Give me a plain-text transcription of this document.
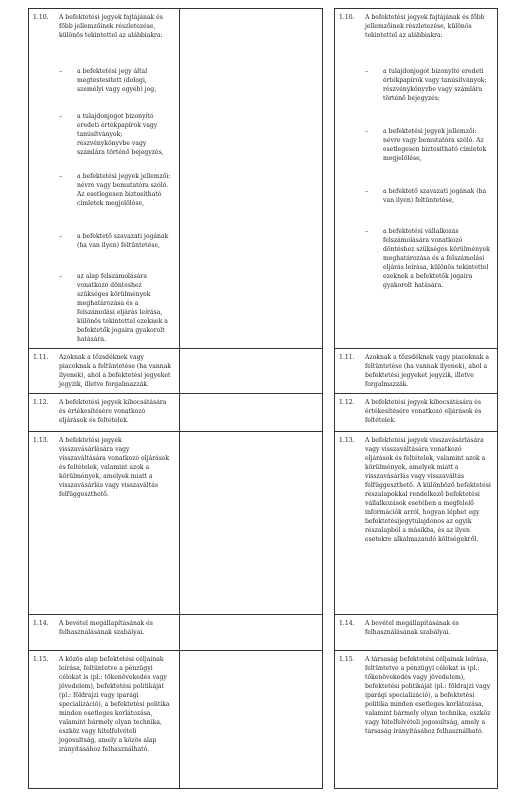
1.10. A befektetési jegyek fajtájának és főbb jellemzőinek részletezése, különös tekintettel az alábbiakra:
– a befektetési jegy által megtestesített (dologi, személyi vagy egyéb) jog,
– a tulajdonjogot bizonyító eredeti értékpapírok vagy tanúsítványok; részvénykönyvbe vagy számlára történő bejegyzés,
– a befektetési jegyek jellemzői: névre vagy bemutatóra szóló. Az esetlegesen biztosítható címletek megjelölése,
– a befektető szavazati jogának (ha van ilyen) feltüntetése,
– az alap felszámolására vonatkozó döntéshez szükséges körülmények meghatározása és a felszámolási eljárás leírása, különös tekintettel ezeknek a befektetők jogaira gyakorolt hatására.
1.11. Azoknak a tőzsdéknek vagy piacoknak a feltüntetése (ha vannak ilyenek), ahol a befektetési jegyeket jegyzik, illetve forgalmazzák.
1.12. A befektetési jegyek kibocsátására és értékesítésére vonatkozó eljárások és feltételek.
1.13. A befektetési jegyek visszavásárlására vagy visszaváltására vonatkozó eljárások és feltételek, valamint azok a körülmények, amelyek miatt a visszavásárlás vagy visszaváltás felfüggeszthető.
1.14. A bevétel megállapításának és felhasználásának szabályai.
1.15. A közös alap befektetési céljainak leírása, feltüntetve a pénzügyi célokat is (pl.: tőkenövekedés vagy jövedelem), befektetési politikáját (pl.: földrajzi vagy iparági specializáció), a befektetési politika minden esetleges korlátozása, valamint bármely olyan technika, eszköz vagy hitelfelvételi jogosultság, amely a közös alap irányításához felhasználható.
1.10. A befektetési jegyek fajtájának és főbb jellemzőinek részletezése, különös tekintettel az alábbiakra:
– a tulajdonjogot bizonyító eredeti értékpapírok vagy tanúsítványok; részvénykönyvbe vagy számlára történő bejegyzés;
– a befektetési jegyek jellemzői: névre vagy bemutatóra szóló. Az esetlegesen biztosítható címletek megjelölése,
– a befektető szavazati jogának (ha van ilyen) feltüntetése,
– a befektetési vállalkozás felszámolására vonatkozó döntéshez szükséges körülmények meghatározása és a felszámolási eljárás leírása, különös tekintettel ezeknek a befektetők jogaira gyakorolt hatására.
1.11. Azoknak a tőzsdéknek vagy piacoknak a feltüntetése (ha vannak ilyenek), ahol a befektetési jegyeket jegyzik, illetve forgalmazzák.
1.12. A befektetési jegyek kibocsátására és értékesítésére vonatkozó eljárások és feltételek.
1.13. A befektetési jegyek visszavásárlására vagy visszaváltására vonatkozó eljárások és feltételek, valamint azok a körülmények, amelyek miatt a visszavásárlás vagy visszaváltás felfüggeszthető. A különböző befektetési részalapokkal rendelkező befektetési vállalkozások esetében a megfelelő információk arról, hogyan léphet egy befektetésijegytulajdonos az egyik részalapból a másikba, és az ilyen esetekre alkalmazandó költségekről.
1.14. A bevétel megállapításának és felhasználásának szabályai.
1.15. A társaság befektetési céljainak leírása, feltüntetve a pénzügyi célokat is (pl.: tőkenövekedés vagy jövedelem), befektetési politikáját (pl.: földrajzi vagy iparági specializáció), a befektetési politika minden esetleges korlátozása, valamint bármely olyan technika, eszköz vagy hitelfelvételi jogosultság, amely a társaság irányításához felhasználható.
